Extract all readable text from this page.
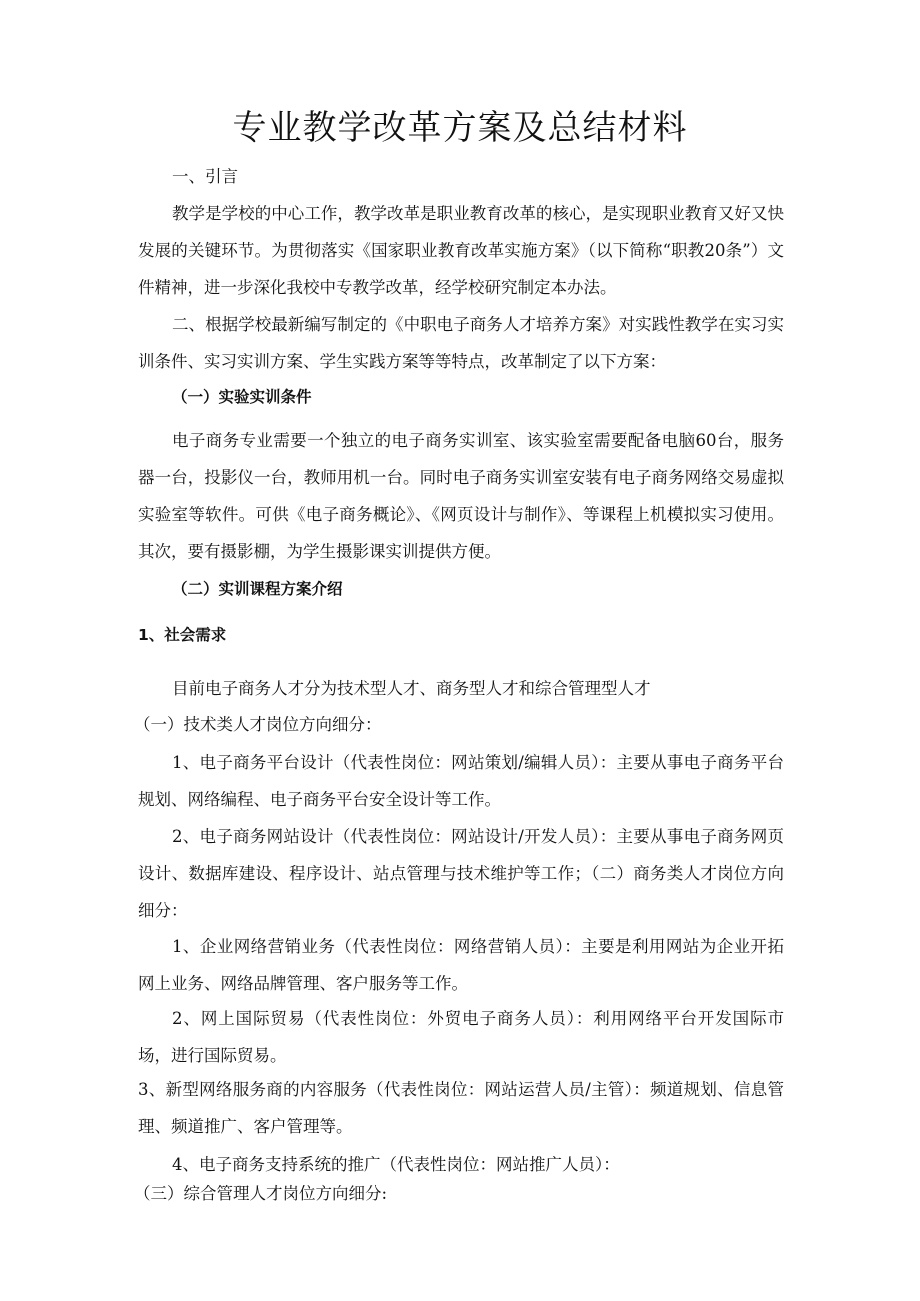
专业教学改革方案及总结材料

一、引言

教学是学校的中心工作，教学改革是职业教育改革的核心，是实现职业教育又好又快发展的关键环节。为贯彻落实《国家职业教育改革实施方案》（以下简称“职教20条”）文件精神，进一步深化我校中专教学改革，经学校研究制定本办法。

二、根据学校最新编写制定的《中职电子商务人才培养方案》对实践性教学在实习实训条件、实习实训方案、学生实践方案等等特点，改革制定了以下方案：

（一）实验实训条件

电子商务专业需要一个独立的电子商务实训室、该实验室需要配备电脑60台，服务器一台，投影仪一台，教师用机一台。同时电子商务实训室安装有电子商务网络交易虚拟实验室等软件。可供《电子商务概论》、《网页设计与制作》、等课程上机模拟实习使用。其次，要有摄影棚，为学生摄影课实训提供方便。

（二）实训课程方案介绍

1、社会需求

目前电子商务人才分为技术型人才、商务型人才和综合管理型人才

（一）技术类人才岗位方向细分：

1、电子商务平台设计（代表性岗位：网站策划/编辑人员）：主要从事电子商务平台规划、网络编程、电子商务平台安全设计等工作。

2、电子商务网站设计（代表性岗位：网站设计/开发人员）：主要从事电子商务网页设计、数据库建设、程序设计、站点管理与技术维护等工作；（二）商务类人才岗位方向细分：

1、企业网络营销业务（代表性岗位：网络营销人员）：主要是利用网站为企业开拓网上业务、网络品牌管理、客户服务等工作。

2、网上国际贸易（代表性岗位：外贸电子商务人员）：利用网络平台开发国际市场，进行国际贸易。

3、新型网络服务商的内容服务（代表性岗位：网站运营人员/主管）：频道规划、信息管理、频道推广、客户管理等。

4、电子商务支持系统的推广（代表性岗位：网站推广人员）：

（三）综合管理人才岗位方向细分:
